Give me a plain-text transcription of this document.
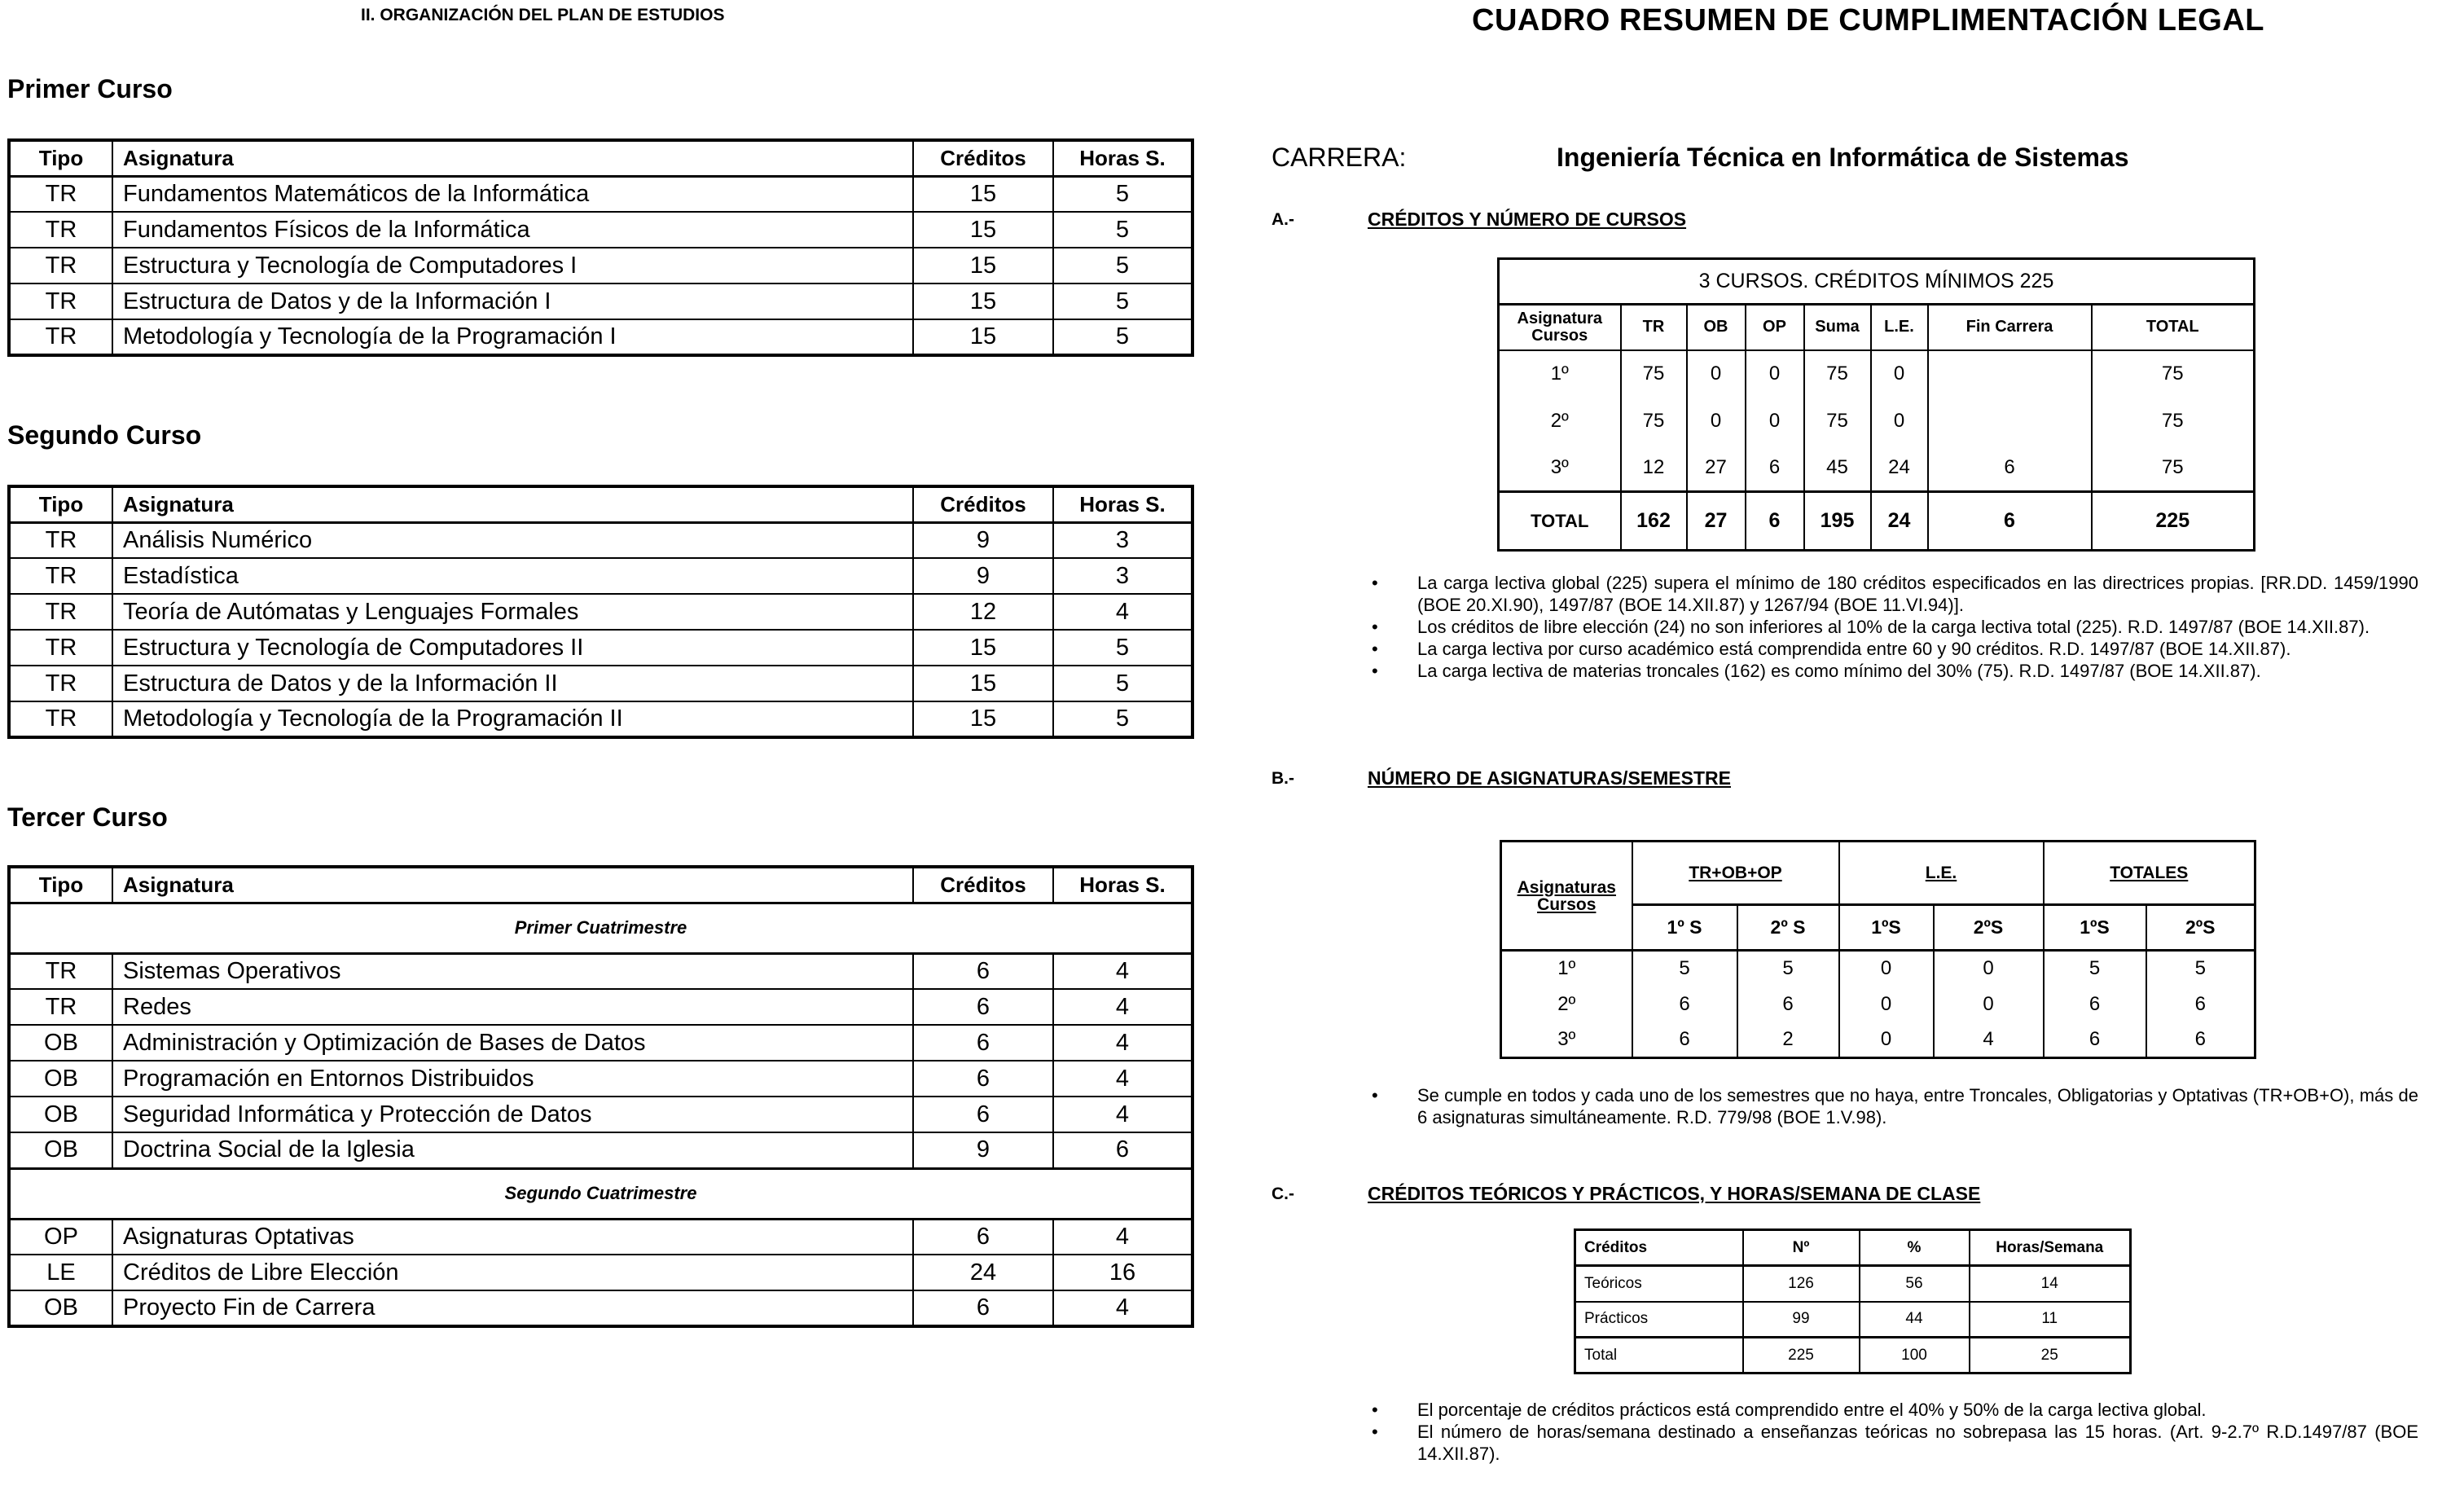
II. ORGANIZACIÓN DEL PLAN DE ESTUDIOS
Primer Curso
Tipo	Asignatura	Créditos	Horas S.
TR	Fundamentos Matemáticos de la Informática	15	5
TR	Fundamentos Físicos de la Informática	15	5
TR	Estructura y Tecnología de Computadores I	15	5
TR	Estructura de Datos y de la Información I	15	5
TR	Metodología y Tecnología de la Programación I	15	5
Segundo Curso
Tipo	Asignatura	Créditos	Horas S.
TR	Análisis Numérico	9	3
TR	Estadística	9	3
TR	Teoría de Autómatas y Lenguajes Formales	12	4
TR	Estructura y Tecnología de Computadores II	15	5
TR	Estructura de Datos y de la Información II	15	5
TR	Metodología y Tecnología de la Programación II	15	5
Tercer Curso
Tipo	Asignatura	Créditos	Horas S.
Primer Cuatrimestre			
TR	Sistemas Operativos	6	4
TR	Redes	6	4
OB	Administración y Optimización de Bases de Datos	6	4
OB	Programación en Entornos Distribuidos	6	4
OB	Seguridad Informática y Protección de Datos	6	4
OB	Doctrina Social de la Iglesia	9	6
Segundo Cuatrimestre			
OP	Asignaturas Optativas	6	4
LE	Créditos de Libre Elección	24	16
OB	Proyecto Fin de Carrera	6	4
CUADRO RESUMEN DE CUMPLIMENTACIÓN LEGAL
CARRERA:	Ingeniería Técnica en Informática de Sistemas
A.-	CRÉDITOS Y NÚMERO DE CURSOS
3 CURSOS. CRÉDITOS MÍNIMOS 225							

Asignatura
Cursos	TR	OB	OP	Suma	L.E.	Fin Carrera	TOTAL
1º	75	0	0	75	0		75
2º	75	0	0	75	0		75
3º	12	27	6	45	24	6	75
TOTAL	162	27	6	195	24	6	225
• La carga lectiva global (225) supera el mínimo de 180 créditos especificados en las directrices propias. [RR.DD. 1459/1990 (BOE 20.XI.90), 1497/87 (BOE 14.XII.87) y 1267/94 (BOE 11.VI.94)].
• Los créditos de libre elección (24) no son inferiores al 10% de la carga lectiva total (225). R.D. 1497/87 (BOE 14.XII.87).
• La carga lectiva por curso académico está comprendida entre 60 y 90 créditos. R.D. 1497/87 (BOE 14.XII.87).
• La carga lectiva de materias troncales (162) es como mínimo del 30% (75). R.D. 1497/87 (BOE 14.XII.87).
B.-	NÚMERO DE ASIGNATURAS/SEMESTRE
Asignaturas
Cursos	TR+OB+OP		L.E.		TOTALES	
	1º S	2º S	1ºS	2ºS	1ºS	2ºS
1º	5	5	0	0	5	5
2º	6	6	0	0	6	6
3º	6	2	0	4	6	6
• Se cumple en todos y cada uno de los semestres que no haya, entre Troncales, Obligatorias y Optativas (TR+OB+O), más de 6 asignaturas simultáneamente. R.D. 779/98 (BOE 1.V.98).
C.-	CRÉDITOS TEÓRICOS Y PRÁCTICOS, Y HORAS/SEMANA DE CLASE
Créditos	Nº	%	Horas/Semana
Teóricos	126	56	14
Prácticos	99	44	11
Total	225	100	25
• El porcentaje de créditos prácticos está comprendido entre el 40% y 50% de la carga lectiva global.
• El número de horas/semana destinado a enseñanzas teóricas no sobrepasa las 15 horas. (Art. 9-2.7º R.D.1497/87 (BOE 14.XII.87).
